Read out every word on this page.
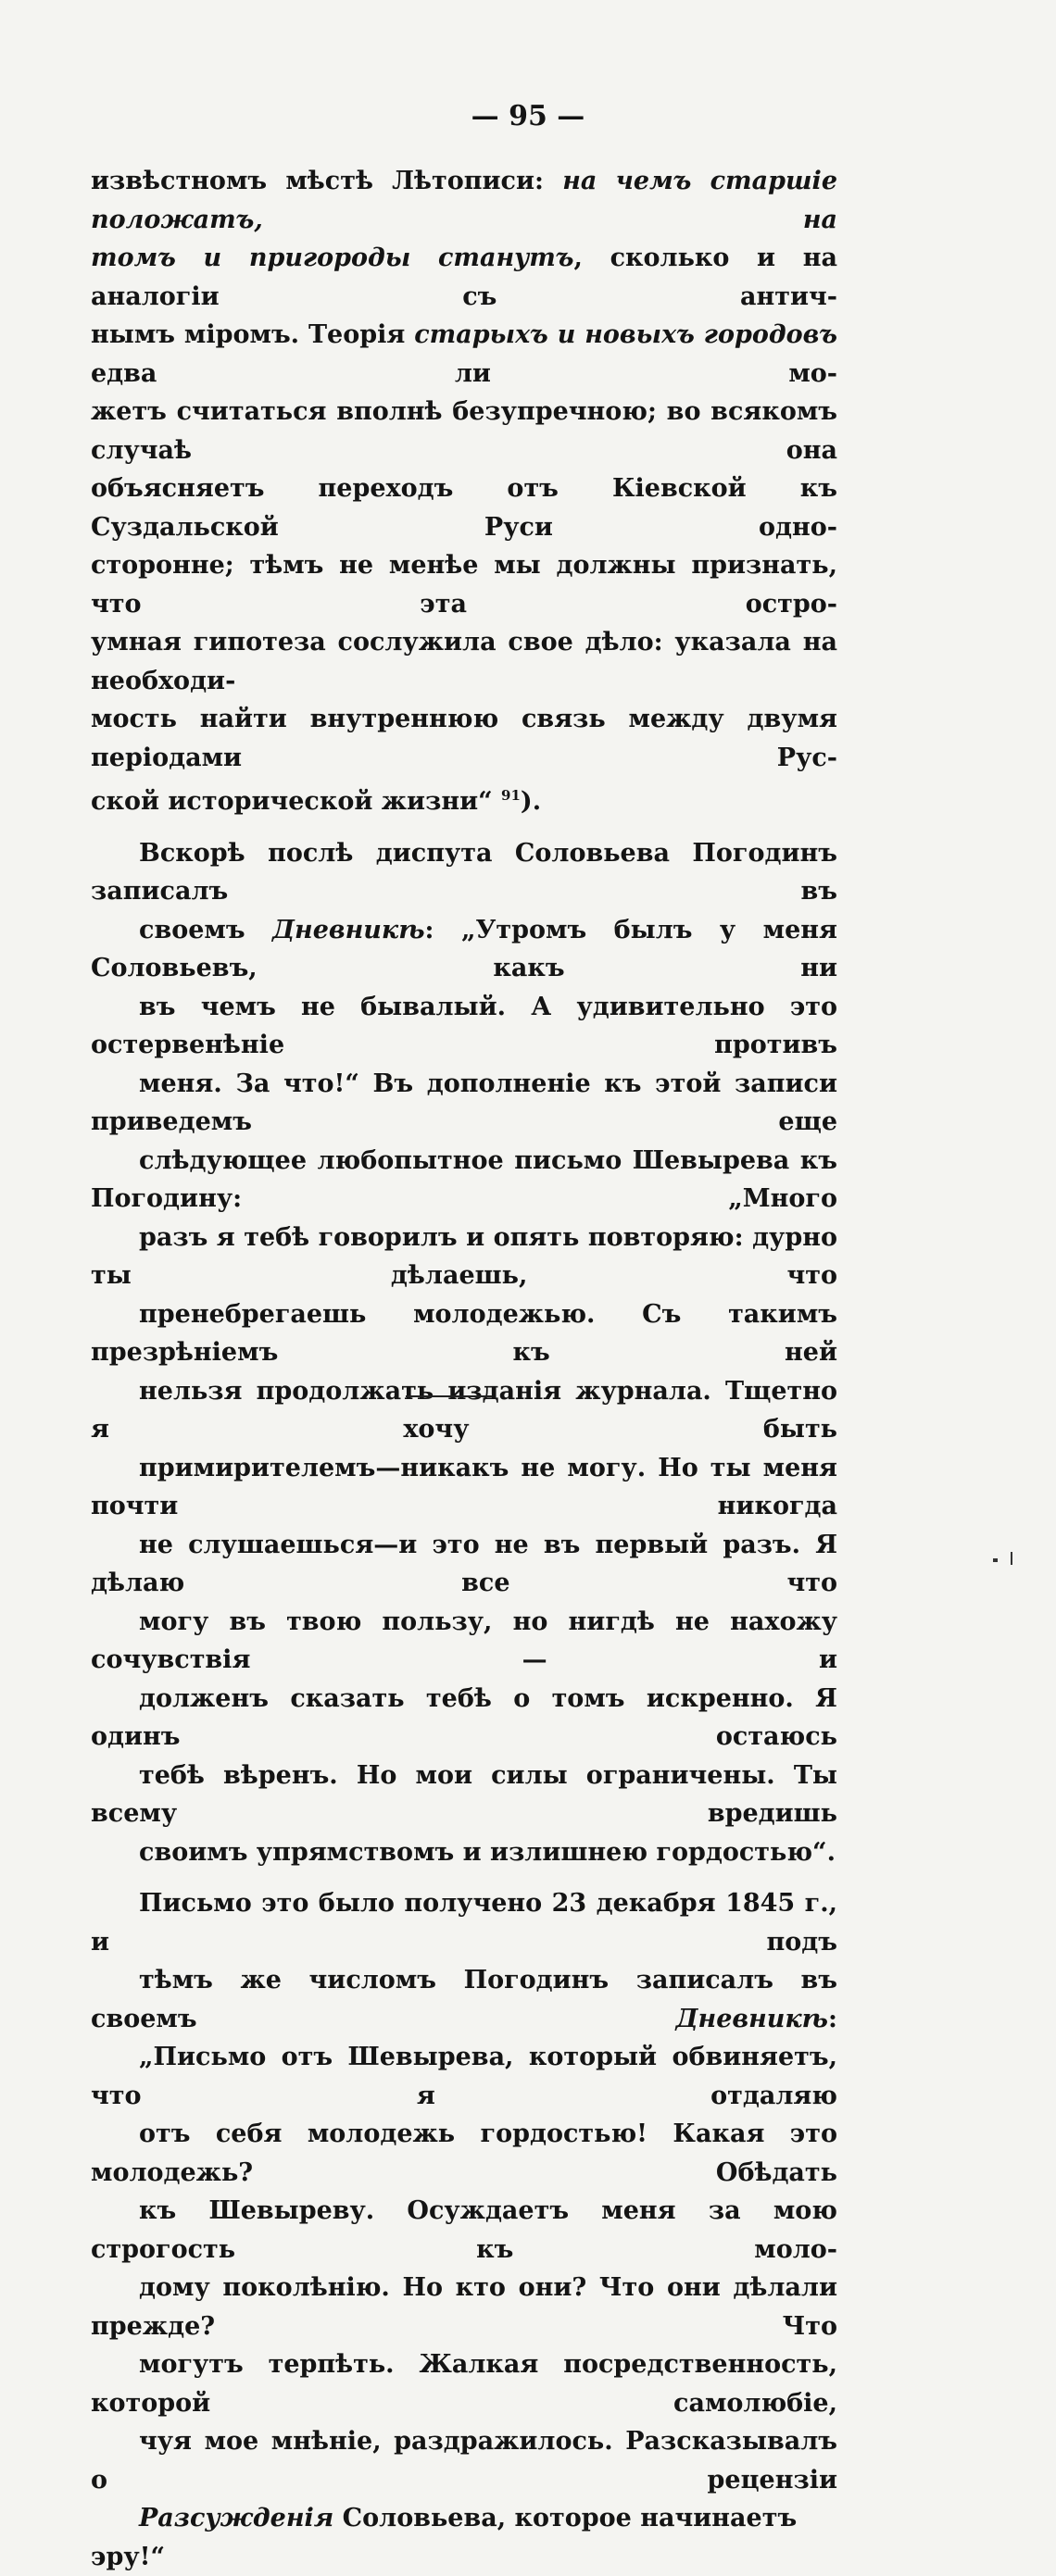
— 95 —

извѣстномъ мѣстѣ Лѣтописи: на чемъ старшіе положатъ, на
томъ и пригороды станутъ, сколько и на аналогіи съ антич-
нымъ міромъ. Теорія старыхъ и новыхъ городовъ едва ли мо-
жетъ считаться вполнѣ безупречною; во всякомъ случаѣ она
объясняетъ переходъ отъ Кіевской къ Суздальской Руси одно-
сторонне; тѣмъ не менѣе мы должны признать, что эта остро-
умная гипотеза сослужила свое дѣло: указала на необходи-
мость найти внутреннюю связь между двумя періодами Рус-
ской исторической жизни“ $^{91}$).

Вскорѣ послѣ диспута Соловьева Погодинъ записалъ въ
своемъ Дневникѣ: „Утромъ былъ у меня Соловьевъ, какъ ни
въ чемъ не бывалый. А удивительно это остервенѣніе противъ
меня. За что!“ Въ дополненіе къ этой записи приведемъ еще
слѣдующее любопытное письмо Шевырева къ Погодину: „Много
разъ я тебѣ говорилъ и опять повторяю: дурно ты дѣлаешь, что
пренебрегаешь молодежью. Съ такимъ презрѣніемъ къ ней
нельзя продолжать изданія журнала. Тщетно я хочу быть
примирителемъ—никакъ не могу. Но ты меня почти никогда
не слушаешься—и это не въ первый разъ. Я дѣлаю все что
могу въ твою пользу, но нигдѣ не нахожу сочувствія — и
долженъ сказать тебѣ о томъ искренно. Я одинъ остаюсь
тебѣ вѣренъ. Но мои силы ограничены. Ты всему вредишь
своимъ упрямствомъ и излишнею гордостью“.

Письмо это было получено 23 декабря 1845 г., и подъ
тѣмъ же числомъ Погодинъ записалъ въ своемъ Дневникѣ:
„Письмо отъ Шевырева, который обвиняетъ, что я отдаляю
отъ себя молодежь гордостью! Какая это молодежь? Обѣдать
къ Шевыреву. Осуждаетъ меня за мою строгость къ моло-
дому поколѣнію. Но кто они? Что они дѣлали прежде? Что
могутъ терпѣть. Жалкая посредственность, которой самолюбіе,
чуя мое мнѣніе, раздражилось. Разсказывалъ о рецензіи
Разсужденія Соловьева, которое начинаетъ эру!“
